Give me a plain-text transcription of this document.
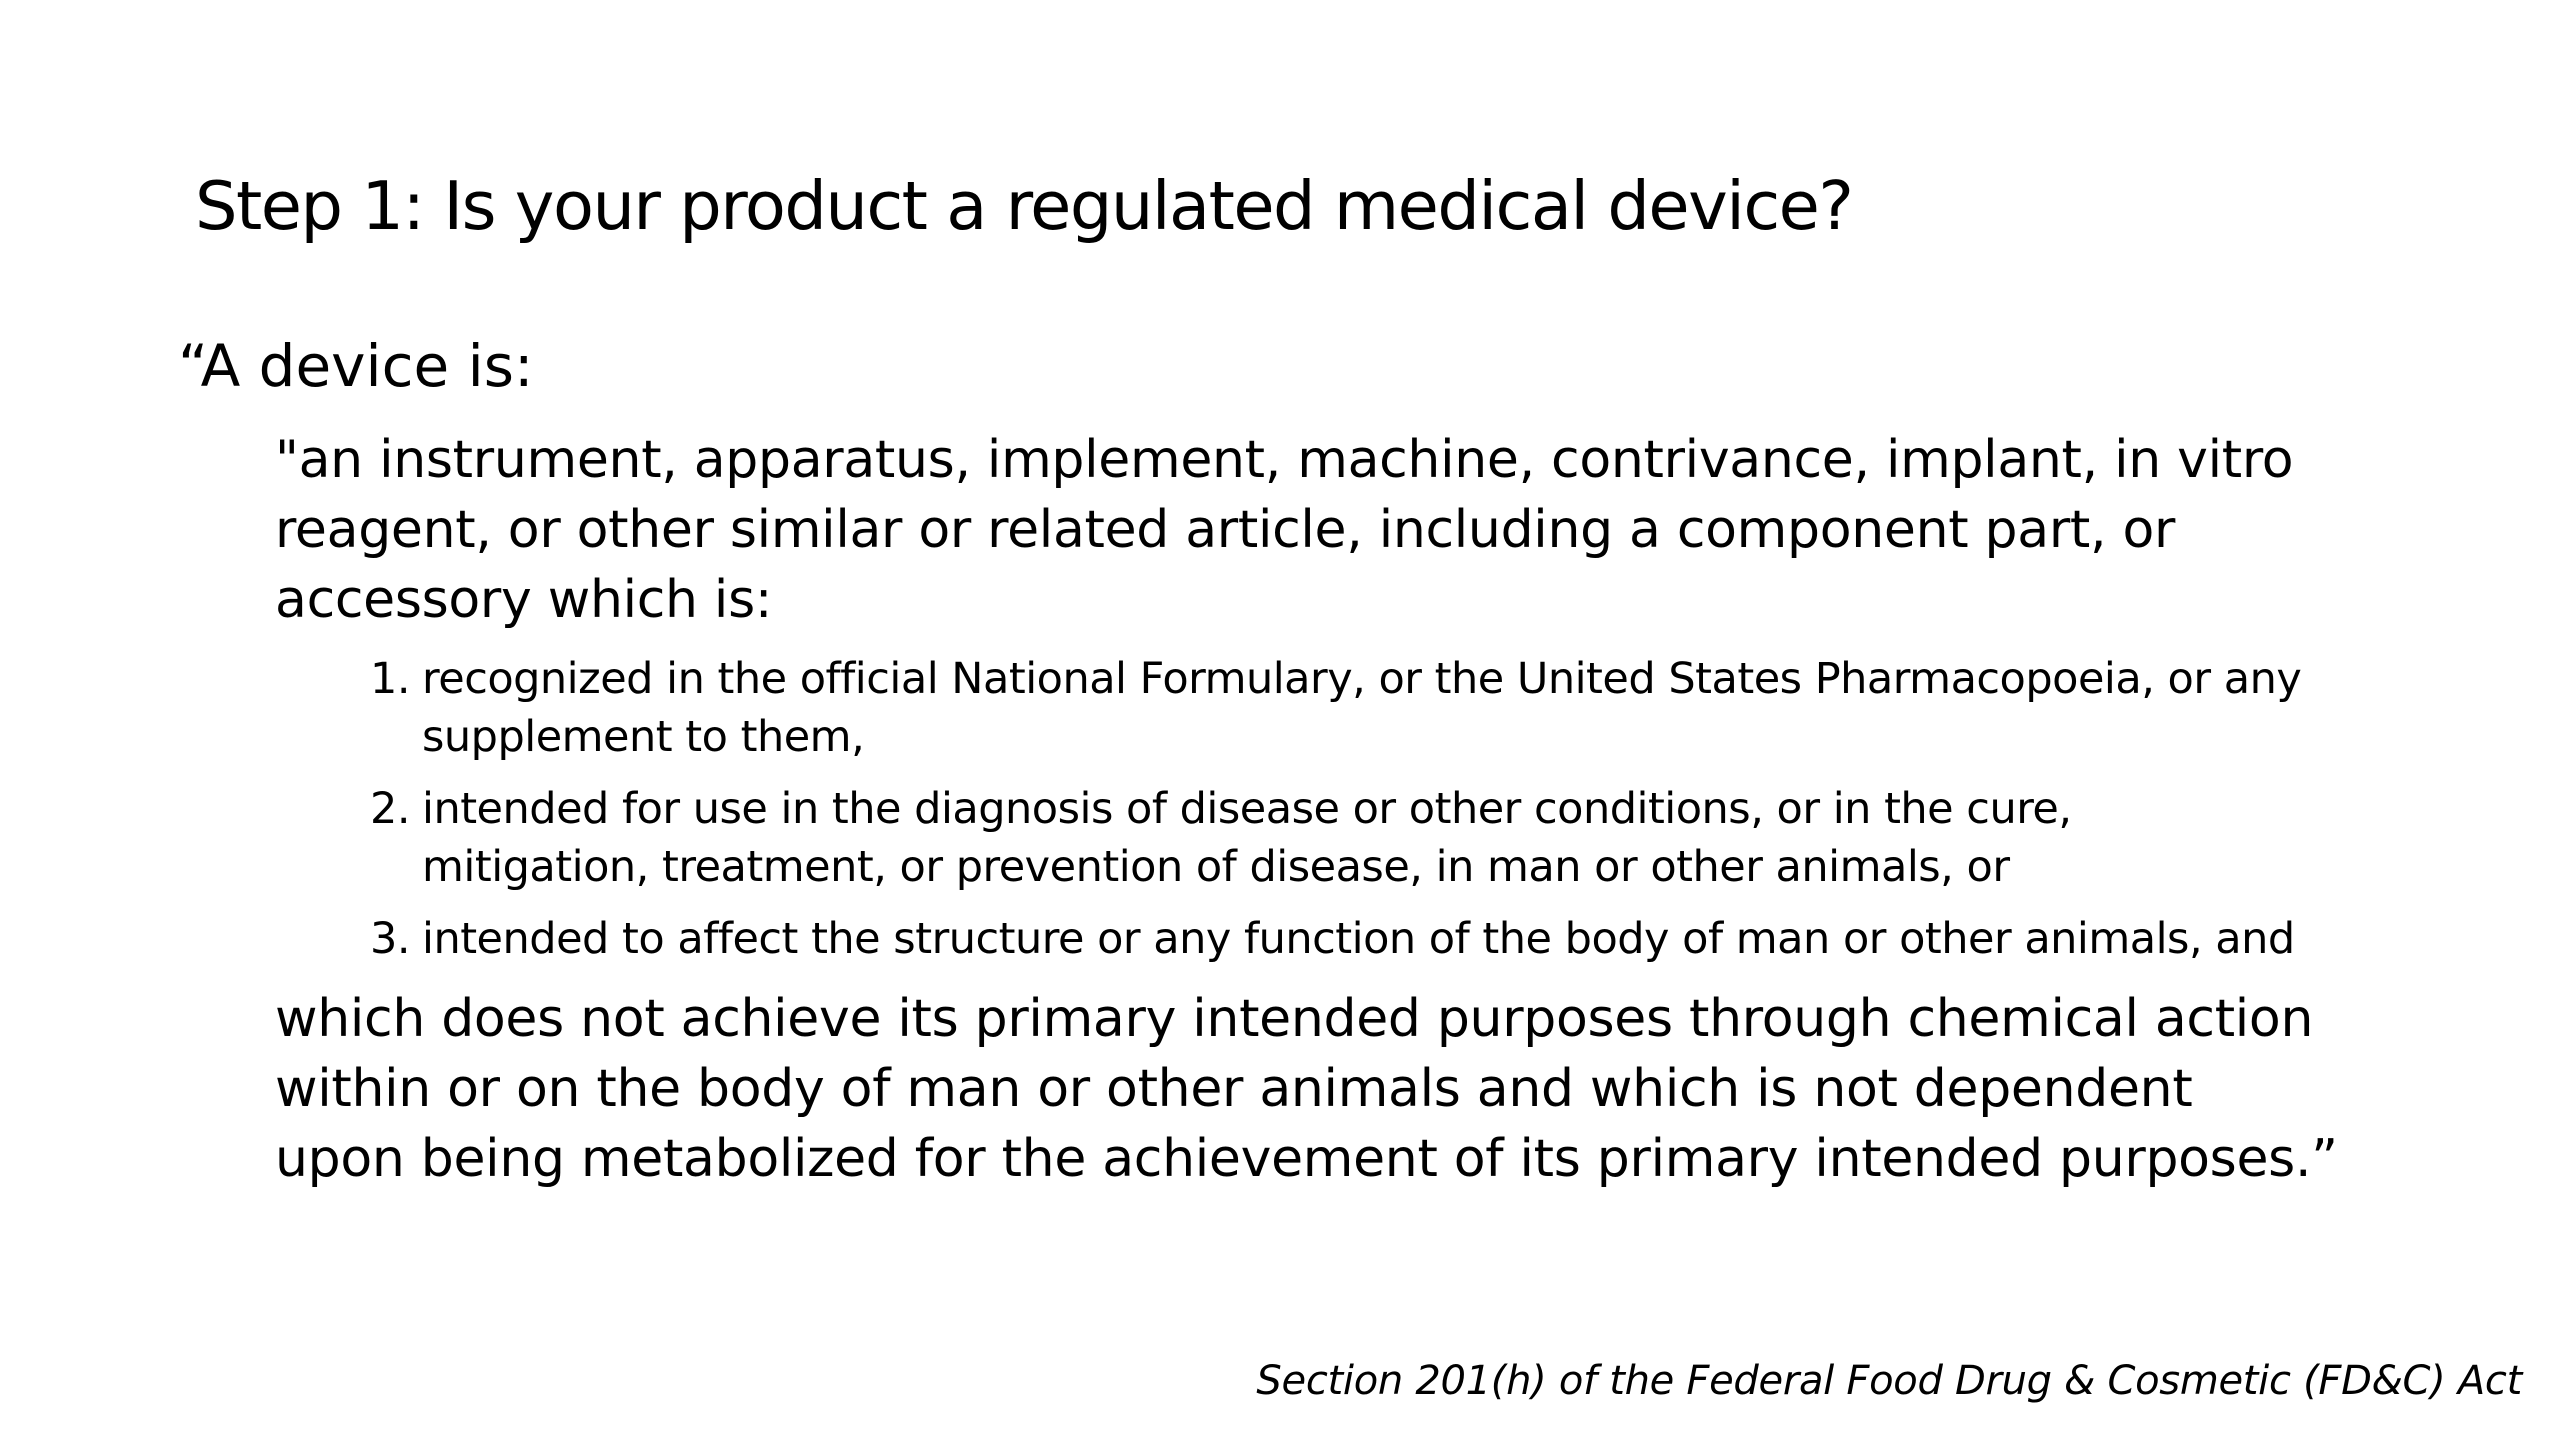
Step 1: Is your product a regulated medical device?
“A device is:
"an instrument, apparatus, implement, machine, contrivance, implant, in vitro
reagent, or other similar or related article, including a component part, or
accessory which is:
1. recognized in the official National Formulary, or the United States Pharmacopoeia, or any
supplement to them,
2. intended for use in the diagnosis of disease or other conditions, or in the cure,
mitigation, treatment, or prevention of disease, in man or other animals, or
3. intended to affect the structure or any function of the body of man or other animals, and
which does not achieve its primary intended purposes through chemical action
within or on the body of man or other animals and which is not dependent
upon being metabolized for the achievement of its primary intended purposes.”
Section 201(h) of the Federal Food Drug & Cosmetic (FD&C) Act
